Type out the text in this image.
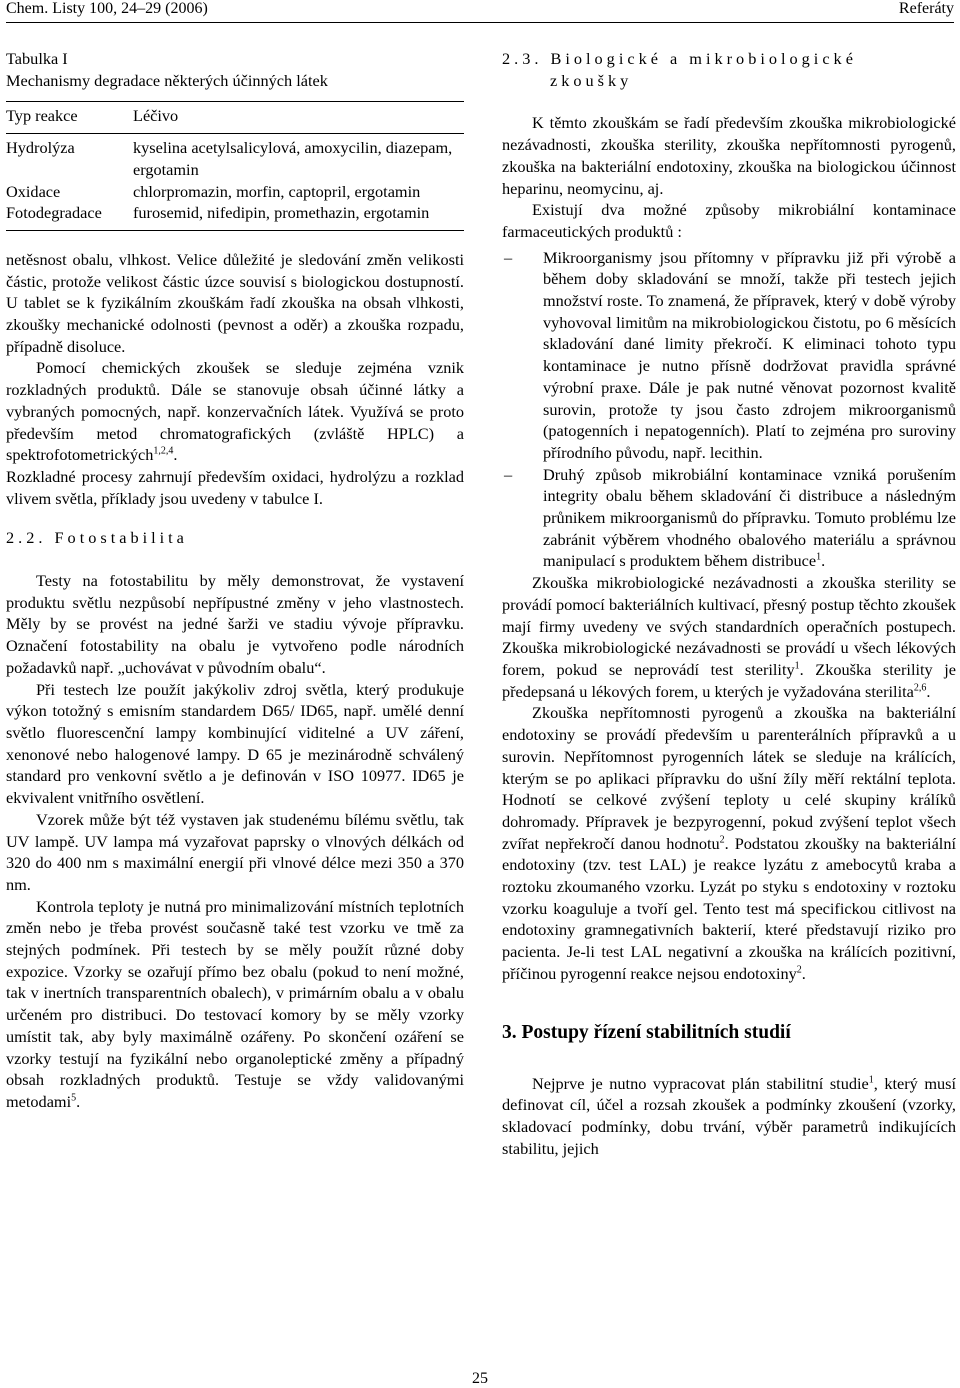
Chem. Listy 100, 24–29 (2006)	Referáty
Tabulka I
Mechanismy degradace některých účinných látek
Typ reakce	Léčivo
Hydrolýza	kyselina acetylsalicylová, amoxycilin, diazepam, ergotamin
Oxidace	chlorpromazin, morfin, captopril, ergotamin
Fotodegradace	furosemid, nifedipin, promethazin, ergotamin

netěsnost obalu, vlhkost. Velice důležité je sledování změn velikosti částic, protože velikost částic úzce souvisí s biologickou dostupností. U tablet se k fyzikálním zkouškám řadí zkouška na obsah vlhkosti, zkoušky mechanické odolnosti (pevnost a oděr) a zkouška rozpadu, případně disoluce.

Pomocí chemických zkoušek se sleduje zejména vznik rozkladných produktů. Dále se stanovuje obsah účinné látky a vybraných pomocných, např. konzervačních látek. Využívá se proto především metod chromatografických (zvláště HPLC) a spektrofotometrických$^{1,2,4}$.

Rozkladné procesy zahrnují především oxidaci, hydrolýzu a rozklad vlivem světla, příklady jsou uvedeny v tabulce I.

2.2. Fotostabilita

Testy na fotostabilitu by měly demonstrovat, že vystavení produktu světlu nezpůsobí nepřípustné změny v jeho vlastnostech. Měly by se provést na jedné šarži ve stadiu vývoje přípravku. Označení fotostability na obalu je vytvořeno podle národních požadavků např. „uchovávat v původním obalu“.

Při testech lze použít jakýkoliv zdroj světla, který produkuje výkon totožný s emisním standardem D65/ ID65, např. umělé denní světlo fluorescenční lampy kombinující viditelné a UV záření, xenonové nebo halogenové lampy. D 65 je mezinárodně schválený standard pro venkovní světlo a je definován v ISO 10977. ID65 je ekvivalent vnitřního osvětlení.

Vzorek může být též vystaven jak studenému bílému světlu, tak UV lampě. UV lampa má vyzařovat paprsky o vlnových délkách od 320 do 400 nm s maximální energií při vlnové délce mezi 350 a 370 nm.

Kontrola teploty je nutná pro minimalizování místních teplotních změn nebo je třeba provést současně také test vzorku ve tmě za stejných podmínek. Při testech by se měly použít různé doby expozice. Vzorky se ozařují přímo bez obalu (pokud to není možné, tak v inertních transparentních obalech), v primárním obalu a v obalu určeném pro distribuci. Do testovací komory by se měly vzorky umístit tak, aby byly maximálně ozářeny. Po skončení ozáření se vzorky testují na fyzikální nebo organoleptické změny a případný obsah rozkladných produktů. Testuje se vždy validovanými metodami$^5$.

2.3. Biologické a mikrobiologické
zkoušky

K těmto zkouškám se řadí především zkouška mikrobiologické nezávadnosti, zkouška sterility, zkouška nepřítomnosti pyrogenů, zkouška na bakteriální endotoxiny, zkouška na biologickou účinnost heparinu, neomycinu, aj.

Existují dva možné způsoby mikrobiální kontaminace farmaceutických produktů :

– Mikroorganismy jsou přítomny v přípravku již při výrobě a během doby skladování se množí, takže při testech jejich množství roste. To znamená, že přípravek, který v době výroby vyhovoval limitům na mikrobiologickou čistotu, po 6 měsících skladování dané limity překročí. K eliminaci tohoto typu kontaminace je nutno přísně dodržovat pravidla správné výrobní praxe. Dále je pak nutné věnovat pozornost kvalitě surovin, protože ty jsou často zdrojem mikroorganismů (patogenních i nepatogenních). Platí to zejména pro suroviny přírodního původu, např. lecithin.
– Druhý způsob mikrobiální kontaminace vzniká porušením integrity obalu během skladování či distribuce a následným průnikem mikroorganismů do přípravku. Tomuto problému lze zabránit výběrem vhodného obalového materiálu a správnou manipulací s produktem během distribuce$^1$.

Zkouška mikrobiologické nezávadnosti a zkouška sterility se provádí pomocí bakteriálních kultivací, přesný postup těchto zkoušek mají firmy uvedeny ve svých standardních operačních postupech. Zkouška mikrobiologické nezávadnosti se provádí u všech lékových forem, pokud se neprovádí test sterility$^1$. Zkouška sterility je předepsaná u lékových forem, u kterých je vyžadována sterilita$^{2,6}$.

Zkouška nepřítomnosti pyrogenů a zkouška na bakteriální endotoxiny se provádí především u parenterálních přípravků a u surovin. Nepřítomnost pyrogenních látek se sleduje na králících, kterým se po aplikaci přípravku do ušní žíly měří rektální teplota. Hodnotí se celkové zvýšení teploty u celé skupiny králíků dohromady. Přípravek je bezpyrogenní, pokud zvýšení teplot všech zvířat nepřekročí danou hodnotu$^2$. Podstatou zkoušky na bakteriální endotoxiny (tzv. test LAL) je reakce lyzátu z amebocytů kraba a roztoku zkoumaného vzorku. Lyzát po styku s endotoxiny v roztoku vzorku koaguluje a tvoří gel. Tento test má specifickou citlivost na endotoxiny gramnegativních bakterií, které představují riziko pro pacienta. Je-li test LAL negativní a zkouška na králících pozitivní, příčinou pyrogenní reakce nejsou endotoxiny$^2$.

3. Postupy řízení stabilitních studií

Nejprve je nutno vypracovat plán stabilitní studie$^1$, který musí definovat cíl, účel a rozsah zkoušek a podmínky zkoušení (vzorky, skladovací podmínky, dobu trvání, výběr parametrů indikujících stabilitu, jejich

25
